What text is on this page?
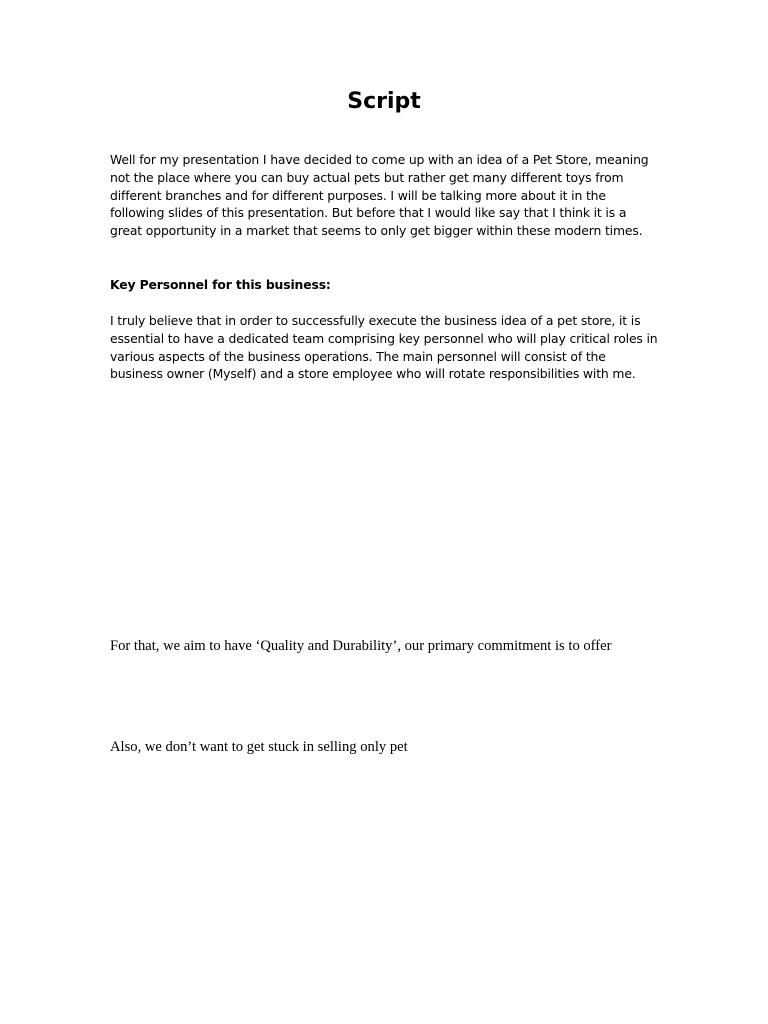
Script

Well for my presentation I have decided to come up with an idea of a Pet Store, meaning not the place where you can buy actual pets but rather get many different toys from different branches and for different purposes. I will be talking more about it in the following slides of this presentation. But before that I would like say that I think it is a great opportunity in a market that seems to only get bigger within these modern times.

Key Personnel for this business:

I truly believe that in order to successfully execute the business idea of a pet store, it is essential to have a dedicated team comprising key personnel who will play critical roles in various aspects of the business operations. The main personnel will consist of the business owner (Myself) and a store employee who will rotate responsibilities with me.

For that, we aim to have ‘Quality and Durability’, our primary commitment is to offer

Also, we don’t want to get stuck in selling only pet
